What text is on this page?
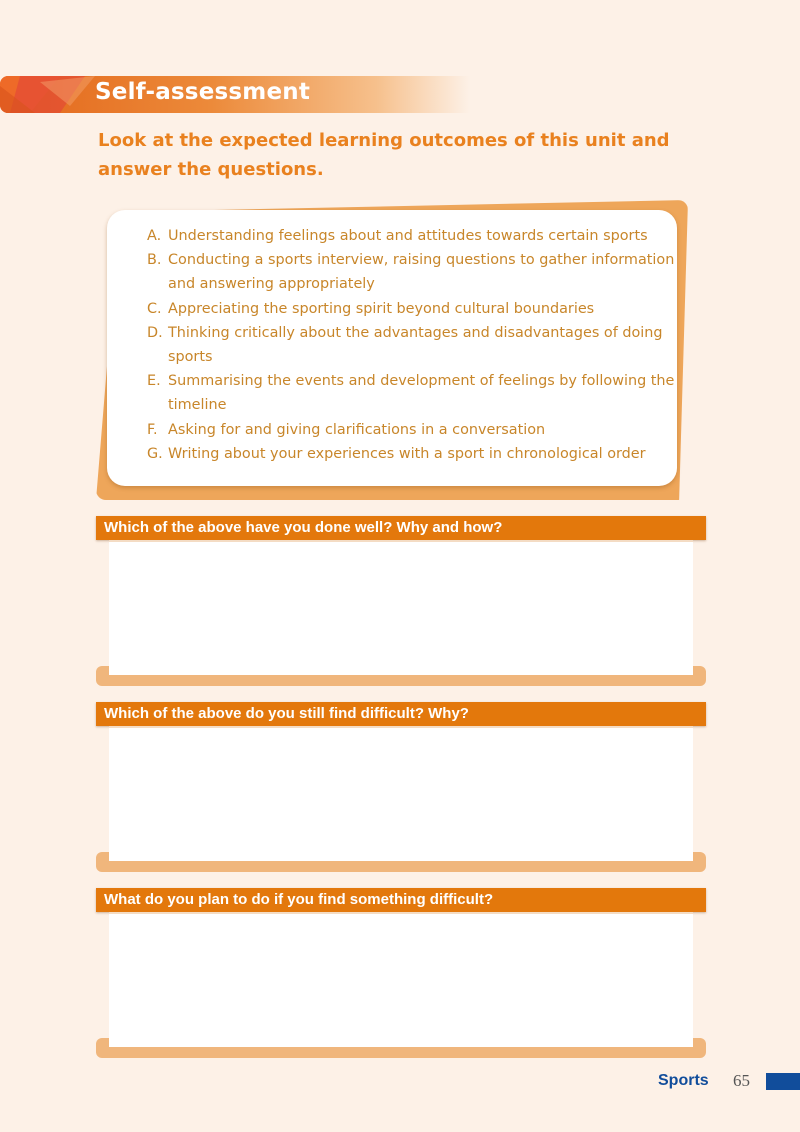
Self-assessment
Look at the expected learning outcomes of this unit and answer the questions.
A. Understanding feelings about and attitudes towards certain sports
B. Conducting a sports interview, raising questions to gather information and answering appropriately
C. Appreciating the sporting spirit beyond cultural boundaries
D. Thinking critically about the advantages and disadvantages of doing sports
E. Summarising the events and development of feelings by following the timeline
F. Asking for and giving clarifications in a conversation
G. Writing about your experiences with a sport in chronological order
Which of the above have you done well? Why and how?
Which of the above do you still find difficult? Why?
What do you plan to do if you find something difficult?
Sports 65
